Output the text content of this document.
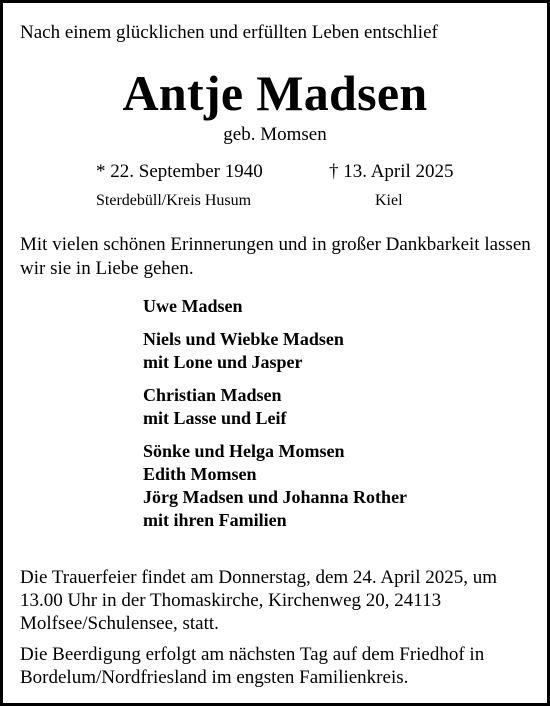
Nach einem glücklichen und erfüllten Leben entschlief
Antje Madsen
geb. Momsen
* 22. September 1940	† 13. April 2025
Sterdebüll/Kreis Husum	Kiel
Mit vielen schönen Erinnerungen und in großer Dankbarkeit lassen wir sie in Liebe gehen.
Uwe Madsen
Niels und Wiebke Madsen
mit Lone und Jasper
Christian Madsen
mit Lasse und Leif
Sönke und Helga Momsen
Edith Momsen
Jörg Madsen und Johanna Rother
mit ihren Familien
Die Trauerfeier findet am Donnerstag, dem 24. April 2025, um 13.00 Uhr in der Thomaskirche, Kirchenweg 20, 24113 Molfsee/Schulensee, statt.
Die Beerdigung erfolgt am nächsten Tag auf dem Friedhof in Bordelum/Nordfriesland im engsten Familienkreis.
